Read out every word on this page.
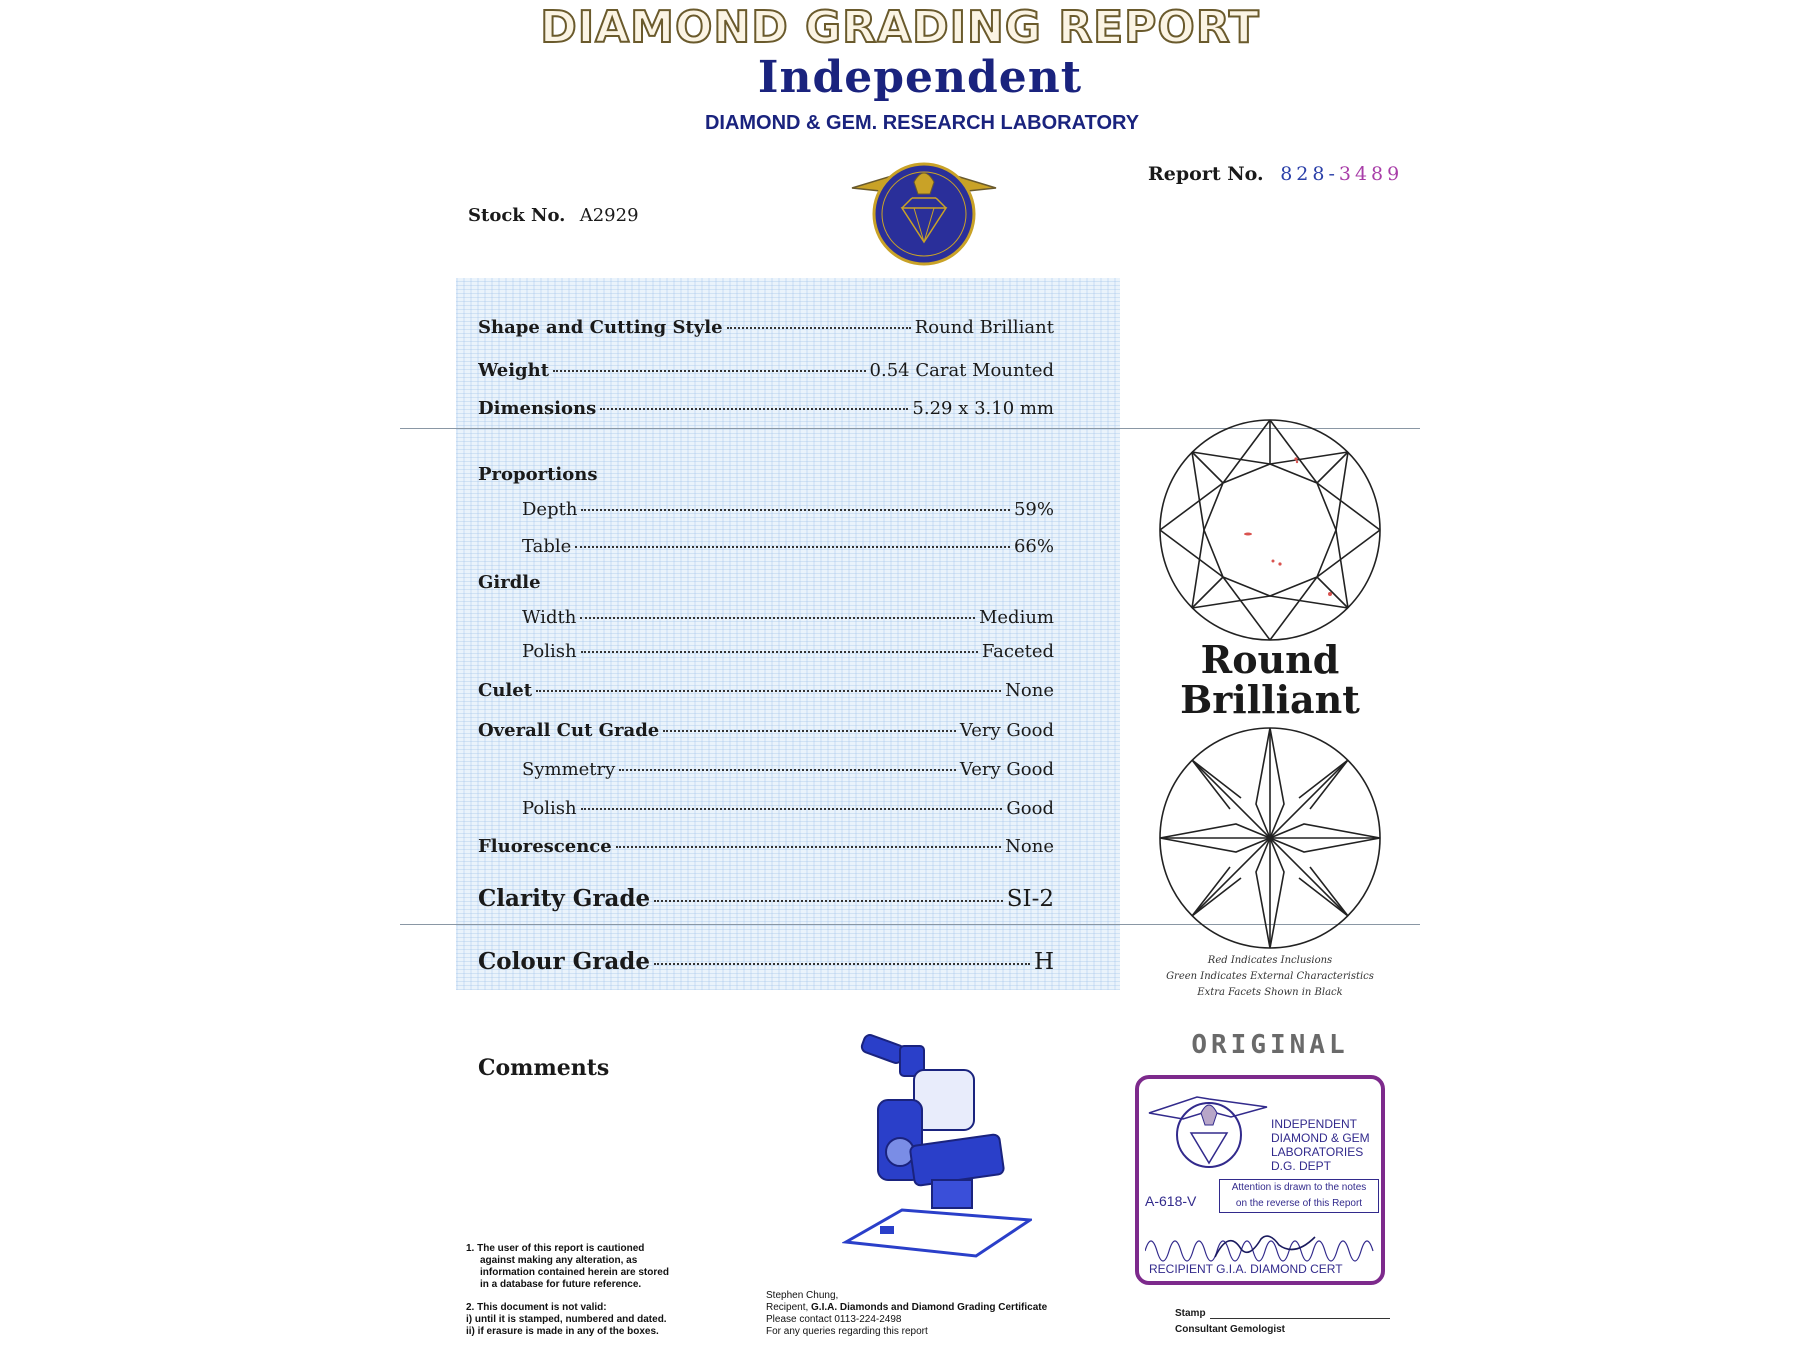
DIAMOND GRADING REPORT
Independent
DIAMOND & GEM. RESEARCH LABORATORY
Report No. 828-3489
Stock No. A2929
Shape and Cutting Style	Round Brilliant
Weight	0.54 Carat Mounted
Dimensions	5.29 x 3.10 mm
Proportions
Depth	59%
Table	66%
Girdle
Width	Medium
Polish	Faceted
Culet	None
Overall Cut Grade	Very Good
Symmetry	Very Good
Polish	Good
Fluorescence	None
Clarity Grade	SI-2
Colour Grade	H
Round
Brilliant
Red Indicates Inclusions
Green Indicates External Characteristics
Extra Facets Shown in Black
Comments
ORIGINAL
INDEPENDENT
DIAMOND & GEM
LABORATORIES
D.G. DEPT
A-618-V
Attention is drawn to the notes
on the reverse of this Report
RECIPIENT G.I.A. DIAMOND CERT
1. The user of this report is cautioned
against making any alteration, as
information contained herein are stored
in a database for future reference.
2. This document is not valid:
i) until it is stamped, numbered and dated.
ii) if erasure is made in any of the boxes.
Stephen Chung,
Recipent, G.I.A. Diamonds and Diamond Grading Certificate
Please contact 0113-224-2498
For any queries regarding this report
Stamp
Consultant Gemologist
